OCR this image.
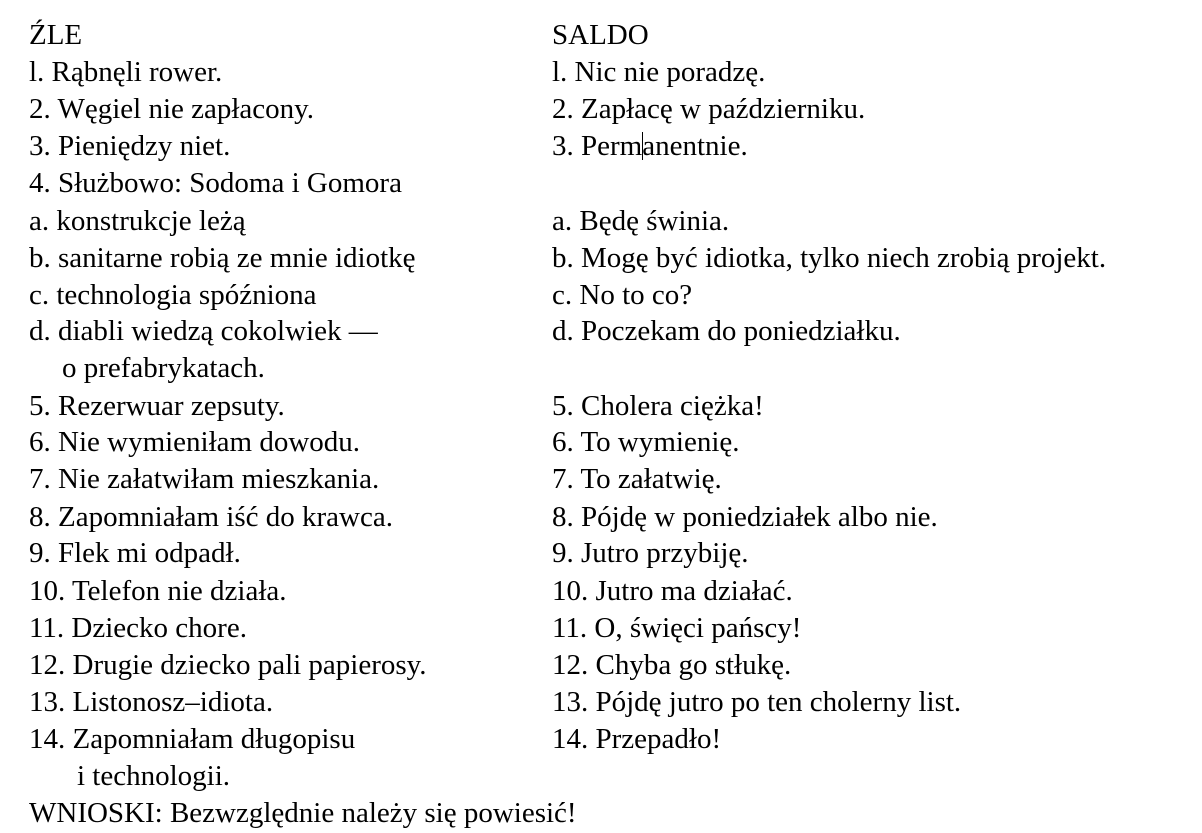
ŹLE	SALDO
l. Rąbnęli rower.	l. Nic nie poradzę.
2. Węgiel nie zapłacony.	2. Zapłacę w październiku.
3. Pieniędzy niet.	3. Permanentnie.
4. Służbowo: Sodoma i Gomora
a. konstrukcje leżą	a. Będę świnia.
b. sanitarne robią ze mnie idiotkę	b. Mogę być idiotka, tylko niech zrobią projekt.
c. technologia spóźniona	c. No to co?
d. diabli wiedzą cokolwiek —	d. Poczekam do poniedziałku.
o prefabrykatach.
5. Rezerwuar zepsuty.	5. Cholera ciężka!
6. Nie wymieniłam dowodu.	6. To wymienię.
7. Nie załatwiłam mieszkania.	7. To załatwię.
8. Zapomniałam iść do krawca.	8. Pójdę w poniedziałek albo nie.
9. Flek mi odpadł.	9. Jutro przybiję.
10. Telefon nie działa.	10. Jutro ma działać.
11. Dziecko chore.	11. O, święci pańscy!
12. Drugie dziecko pali papierosy.	12. Chyba go stłukę.
13. Listonosz–idiota.	13. Pójdę jutro po ten cholerny list.
14. Zapomniałam długopisu	14. Przepadło!
i technologii.
WNIOSKI: Bezwzględnie należy się powiesić!
